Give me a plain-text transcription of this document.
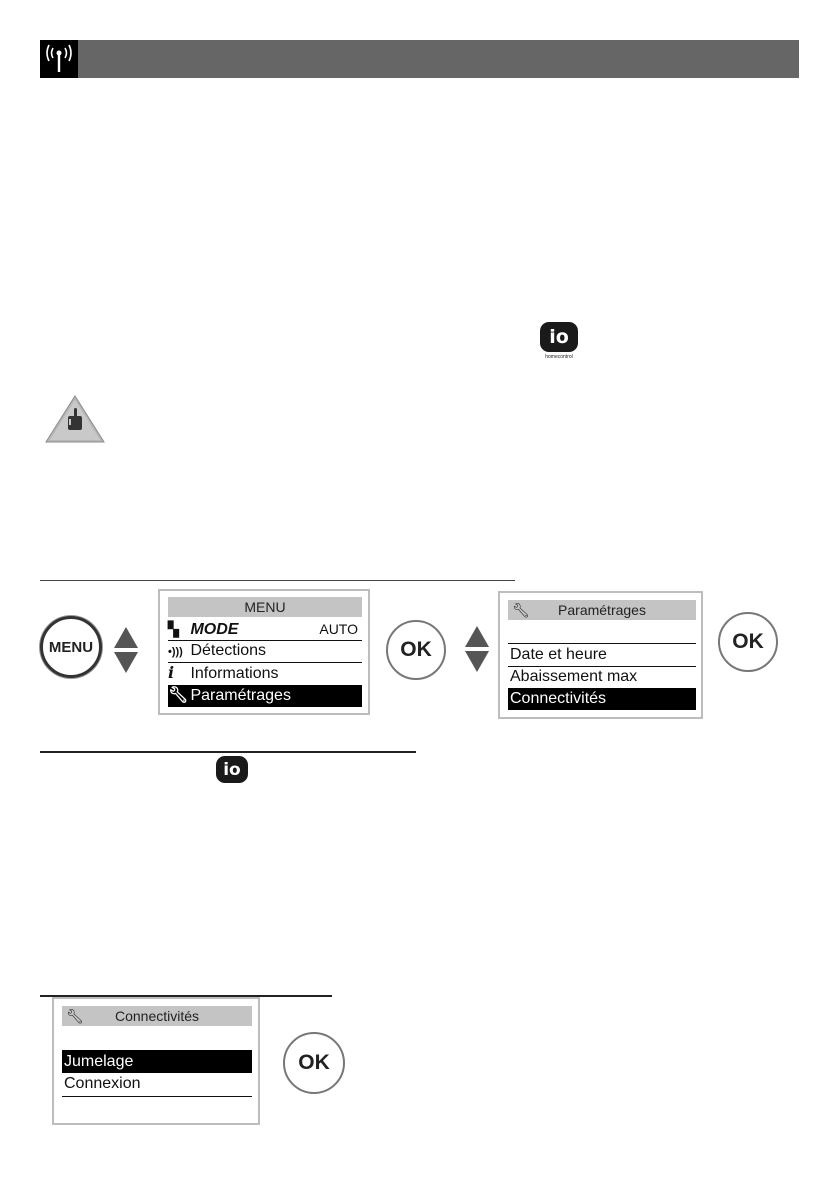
io
homecontrol
MENU
MENU
▚ MODE	AUTO
•))) Détections
i Informations
🔧︎ Paramétrages
OK
🔧︎ Paramétrages
Date et heure
Abaissement max
Connectivités
OK
io
🔧︎ Connectivités
Jumelage
Connexion
OK
